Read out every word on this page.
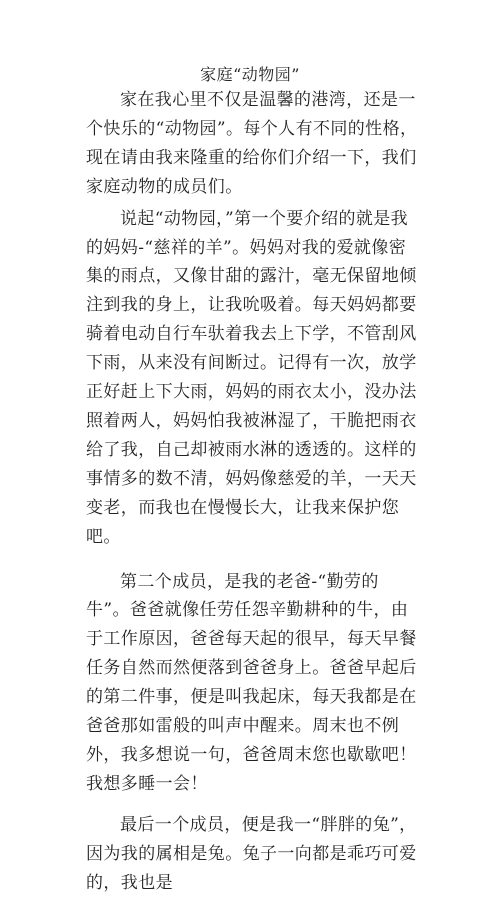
家庭“动物园”

家在我心里不仅是温馨的港湾，还是一个快乐的“动物园”。每个人有不同的性格，现在请由我来隆重的给你们介绍一下，我们家庭动物的成员们。

说起“动物园，”第一个要介绍的就是我的妈妈-“慈祥的羊”。妈妈对我的爱就像密集的雨点，又像甘甜的露汁，毫无保留地倾注到我的身上，让我吮吸着。每天妈妈都要骑着电动自行车驮着我去上下学，不管刮风下雨，从来没有间断过。记得有一次，放学正好赶上下大雨，妈妈的雨衣太小，没办法照着两人，妈妈怕我被淋湿了，干脆把雨衣给了我，自己却被雨水淋的透透的。这样的事情多的数不清，妈妈像慈爱的羊，一天天变老，而我也在慢慢长大，让我来保护您吧。

第二个成员，是我的老爸-“勤劳的牛”。爸爸就像任劳任怨辛勤耕种的牛，由于工作原因，爸爸每天起的很早，每天早餐任务自然而然便落到爸爸身上。爸爸早起后的第二件事，便是叫我起床，每天我都是在爸爸那如雷般的叫声中醒来。周末也不例外，我多想说一句，爸爸周末您也歇歇吧！我想多睡一会！

最后一个成员，便是我一“胖胖的兔”，因为我的属相是兔。兔子一向都是乖巧可爱的，我也是
